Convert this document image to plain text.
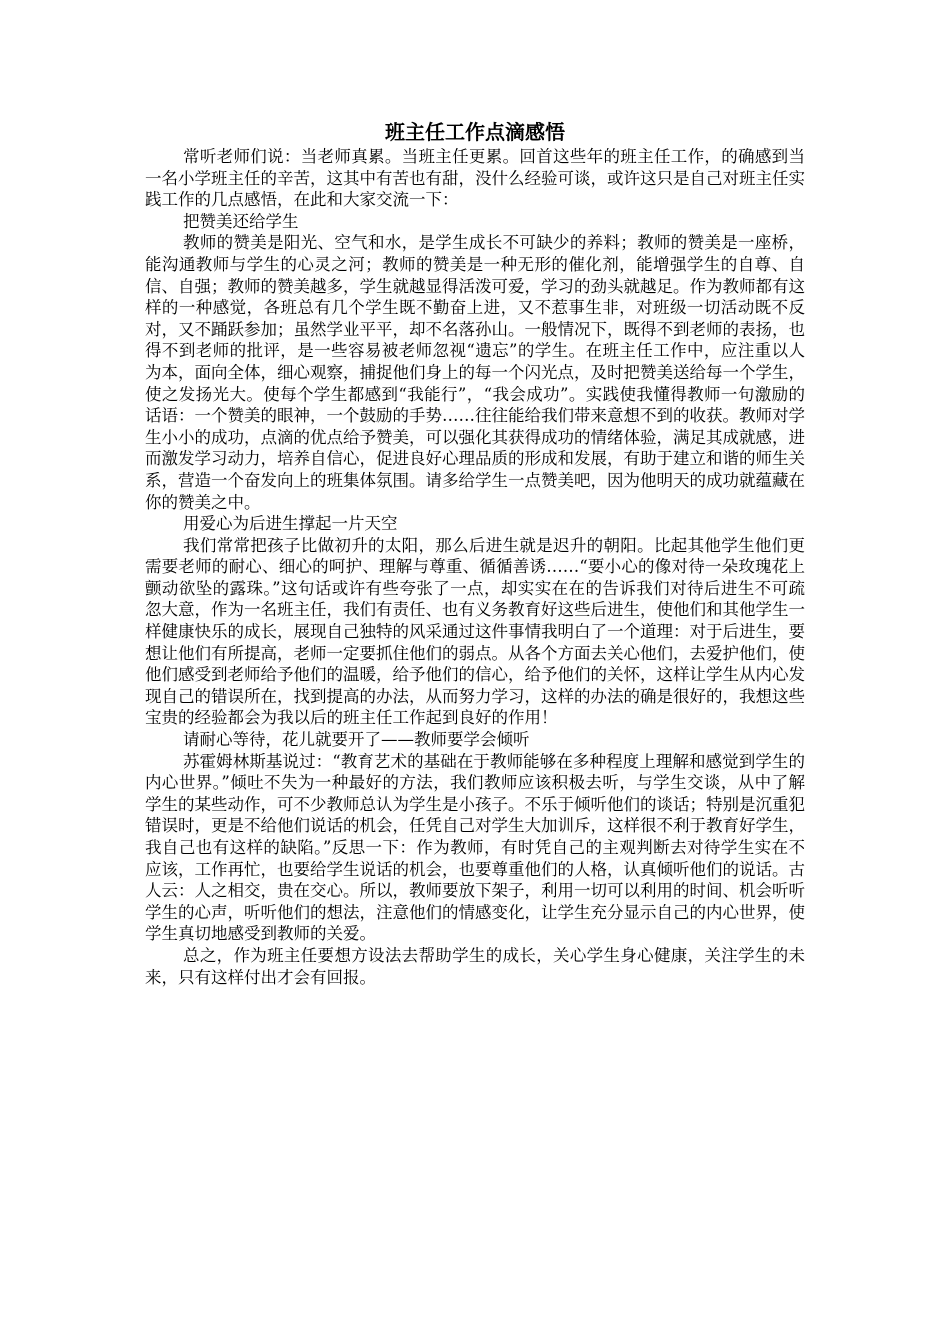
班主任工作点滴感悟

常听老师们说：当老师真累。当班主任更累。回首这些年的班主任工作，的确感到当一名小学班主任的辛苦，这其中有苦也有甜，没什么经验可谈，或许这只是自己对班主任实践工作的几点感悟，在此和大家交流一下：

把赞美还给学生

教师的赞美是阳光、空气和水，是学生成长不可缺少的养料；教师的赞美是一座桥，能沟通教师与学生的心灵之河；教师的赞美是一种无形的催化剂，能增强学生的自尊、自信、自强；教师的赞美越多，学生就越显得活泼可爱，学习的劲头就越足。作为教师都有这样的一种感觉，各班总有几个学生既不勤奋上进，又不惹事生非，对班级一切活动既不反对，又不踊跃参加；虽然学业平平，却不名落孙山。一般情况下，既得不到老师的表扬，也得不到老师的批评，是一些容易被老师忽视“遗忘”的学生。在班主任工作中，应注重以人为本，面向全体，细心观察，捕捉他们身上的每一个闪光点，及时把赞美送给每一个学生，使之发扬光大。使每个学生都感到“我能行”，“我会成功”。实践使我懂得教师一句激励的话语：一个赞美的眼神，一个鼓励的手势……往往能给我们带来意想不到的收获。教师对学生小小的成功，点滴的优点给予赞美，可以强化其获得成功的情绪体验，满足其成就感，进而激发学习动力，培养自信心，促进良好心理品质的形成和发展，有助于建立和谐的师生关系，营造一个奋发向上的班集体氛围。请多给学生一点赞美吧，因为他明天的成功就蕴藏在你的赞美之中。

用爱心为后进生撑起一片天空

我们常常把孩子比做初升的太阳，那么后进生就是迟升的朝阳。比起其他学生他们更需要老师的耐心、细心的呵护、理解与尊重、循循善诱……“要小心的像对待一朵玫瑰花上颤动欲坠的露珠。”这句话或许有些夸张了一点，却实实在在的告诉我们对待后进生不可疏忽大意，作为一名班主任，我们有责任、也有义务教育好这些后进生，使他们和其他学生一样健康快乐的成长，展现自己独特的风采通过这件事情我明白了一个道理：对于后进生，要想让他们有所提高，老师一定要抓住他们的弱点。从各个方面去关心他们，去爱护他们，使他们感受到老师给予他们的温暖，给予他们的信心，给予他们的关怀，这样让学生从内心发现自己的错误所在，找到提高的办法，从而努力学习，这样的办法的确是很好的，我想这些宝贵的经验都会为我以后的班主任工作起到良好的作用！

请耐心等待，花儿就要开了——教师要学会倾听

苏霍姆林斯基说过：“教育艺术的基础在于教师能够在多种程度上理解和感觉到学生的内心世界。”倾吐不失为一种最好的方法，我们教师应该积极去听，与学生交谈，从中了解学生的某些动作，可不少教师总认为学生是小孩子。不乐于倾听他们的谈话；特别是沉重犯错误时，更是不给他们说话的机会，任凭自己对学生大加训斥，这样很不利于教育好学生，我自己也有这样的缺陷。”反思一下：作为教师，有时凭自己的主观判断去对待学生实在不应该，工作再忙，也要给学生说话的机会，也要尊重他们的人格，认真倾听他们的说话。古人云：人之相交，贵在交心。所以，教师要放下架子，利用一切可以利用的时间、机会听听学生的心声，听听他们的想法，注意他们的情感变化，让学生充分显示自己的内心世界，使学生真切地感受到教师的关爱。

总之，作为班主任要想方设法去帮助学生的成长，关心学生身心健康，关注学生的未来，只有这样付出才会有回报。
